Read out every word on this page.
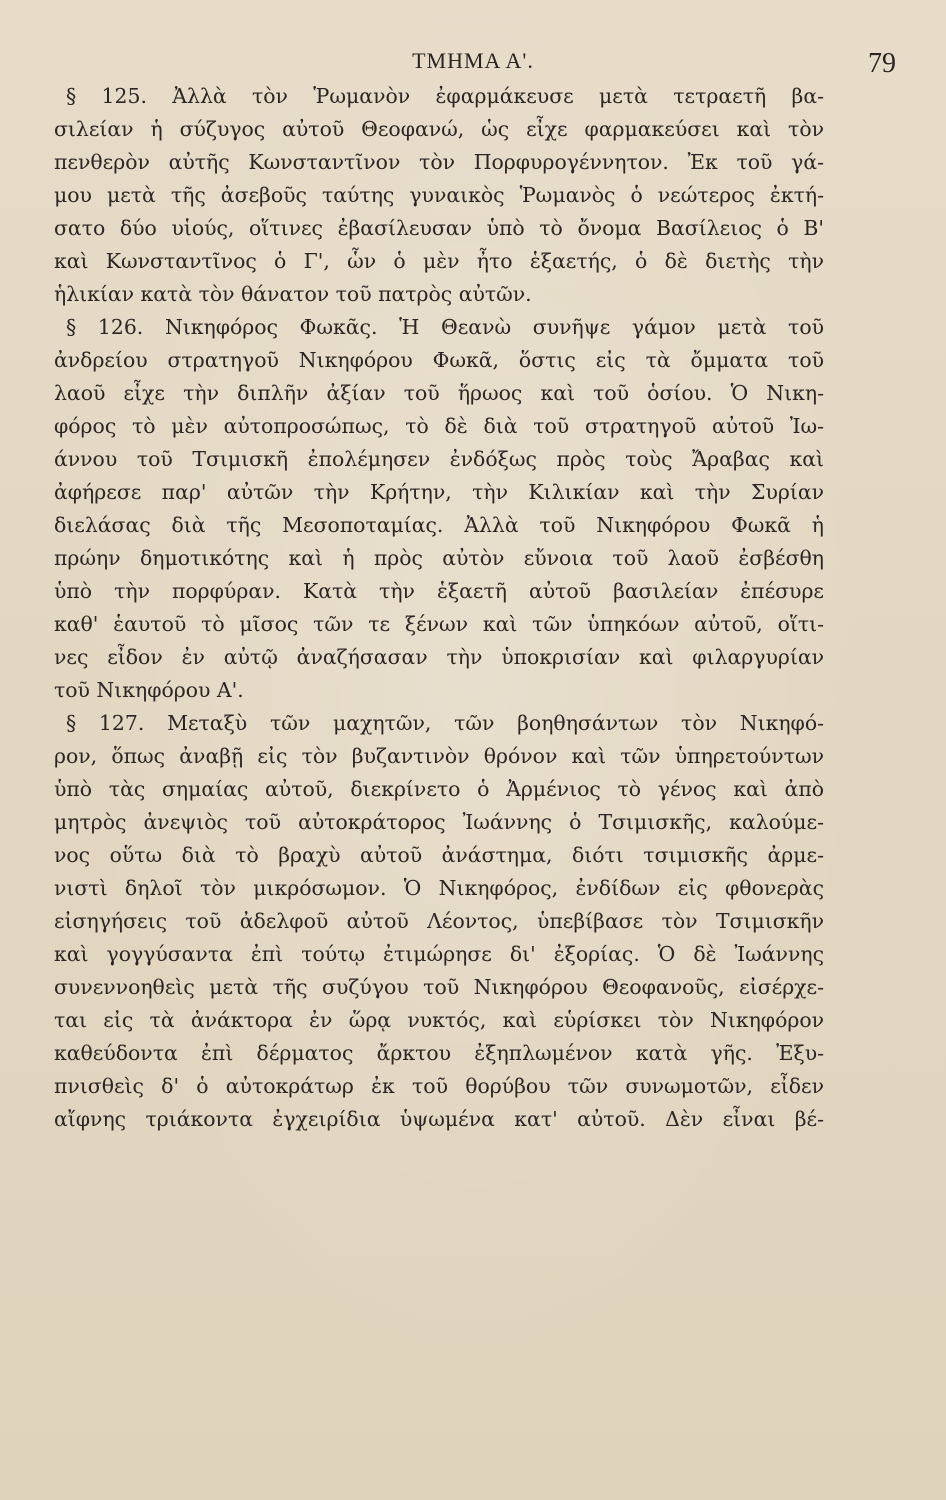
ΤΜΗΜΑ Α'.	79
§ 125. Ἀλλὰ τὸν Ῥωμανὸν ἐφαρμάκευσε μετὰ τετραετῆ βα-
σιλείαν ἡ σύζυγος αὐτοῦ Θεοφανώ, ὡς εἶχε φαρμακεύσει καὶ τὸν
πενθερὸν αὐτῆς Κωνσταντῖνον τὸν Πορφυρογέννητον. Ἐκ τοῦ γά-
μου μετὰ τῆς ἀσεβοῦς ταύτης γυναικὸς Ῥωμανὸς ὁ νεώτερος ἐκτή-
σατο δύο υἱούς, οἵτινες ἐβασίλευσαν ὑπὸ τὸ ὄνομα Βασίλειος ὁ Β'
καὶ Κωνσταντῖνος ὁ Γ', ὧν ὁ μὲν ἦτο ἑξαετής, ὁ δὲ διετὴς τὴν
ἡλικίαν κατὰ τὸν θάνατον τοῦ πατρὸς αὐτῶν.
§ 126. Νικηφόρος Φωκᾶς. Ἡ Θεανὼ συνῆψε γάμον μετὰ τοῦ
ἀνδρείου στρατηγοῦ Νικηφόρου Φωκᾶ, ὅστις εἰς τὰ ὄμματα τοῦ
λαοῦ εἶχε τὴν διπλῆν ἀξίαν τοῦ ἥρωος καὶ τοῦ ὁσίου. Ὁ Νικη-
φόρος τὸ μὲν αὐτοπροσώπως, τὸ δὲ διὰ τοῦ στρατηγοῦ αὐτοῦ Ἰω-
άννου τοῦ Τσιμισκῆ ἐπολέμησεν ἐνδόξως πρὸς τοὺς Ἄραβας καὶ
ἀφήρεσε παρ' αὐτῶν τὴν Κρήτην, τὴν Κιλικίαν καὶ τὴν Συρίαν
διελάσας διὰ τῆς Μεσοποταμίας. Ἀλλὰ τοῦ Νικηφόρου Φωκᾶ ἡ
πρώην δημοτικότης καὶ ἡ πρὸς αὐτὸν εὔνοια τοῦ λαοῦ ἐσβέσθη
ὑπὸ τὴν πορφύραν. Κατὰ τὴν ἑξαετῆ αὐτοῦ βασιλείαν ἐπέσυρε
καθ' ἑαυτοῦ τὸ μῖσος τῶν τε ξένων καὶ τῶν ὑπηκόων αὐτοῦ, οἵτι-
νες εἶδον ἐν αὐτῷ ἀναζήσασαν τὴν ὑποκρισίαν καὶ φιλαργυρίαν
τοῦ Νικηφόρου Α'.
§ 127. Μεταξὺ τῶν μαχητῶν, τῶν βοηθησάντων τὸν Νικηφό-
ρον, ὅπως ἀναβῇ εἰς τὸν βυζαντινὸν θρόνον καὶ τῶν ὑπηρετούντων
ὑπὸ τὰς σημαίας αὐτοῦ, διεκρίνετο ὁ Ἀρμένιος τὸ γένος καὶ ἀπὸ
μητρὸς ἀνεψιὸς τοῦ αὐτοκράτορος Ἰωάννης ὁ Τσιμισκῆς, καλούμε-
νος οὕτω διὰ τὸ βραχὺ αὐτοῦ ἀνάστημα, διότι τσιμισκῆς ἀρμε-
νιστὶ δηλοῖ τὸν μικρόσωμον. Ὁ Νικηφόρος, ἐνδίδων εἰς φθονερὰς
εἰσηγήσεις τοῦ ἀδελφοῦ αὐτοῦ Λέοντος, ὑπεβίβασε τὸν Τσιμισκῆν
καὶ γογγύσαντα ἐπὶ τούτῳ ἐτιμώρησε δι' ἐξορίας. Ὁ δὲ Ἰωάννης
συνεννοηθεὶς μετὰ τῆς συζύγου τοῦ Νικηφόρου Θεοφανοῦς, εἰσέρχε-
ται εἰς τὰ ἀνάκτορα ἐν ὥρᾳ νυκτός, καὶ εὑρίσκει τὸν Νικηφόρον
καθεύδοντα ἐπὶ δέρματος ἄρκτου ἐξηπλωμένον κατὰ γῆς. Ἐξυ-
πνισθεὶς δ' ὁ αὐτοκράτωρ ἐκ τοῦ θορύβου τῶν συνωμοτῶν, εἶδεν
αἴφνης τριάκοντα ἐγχειρίδια ὑψωμένα κατ' αὐτοῦ. Δὲν εἶναι βέ-
